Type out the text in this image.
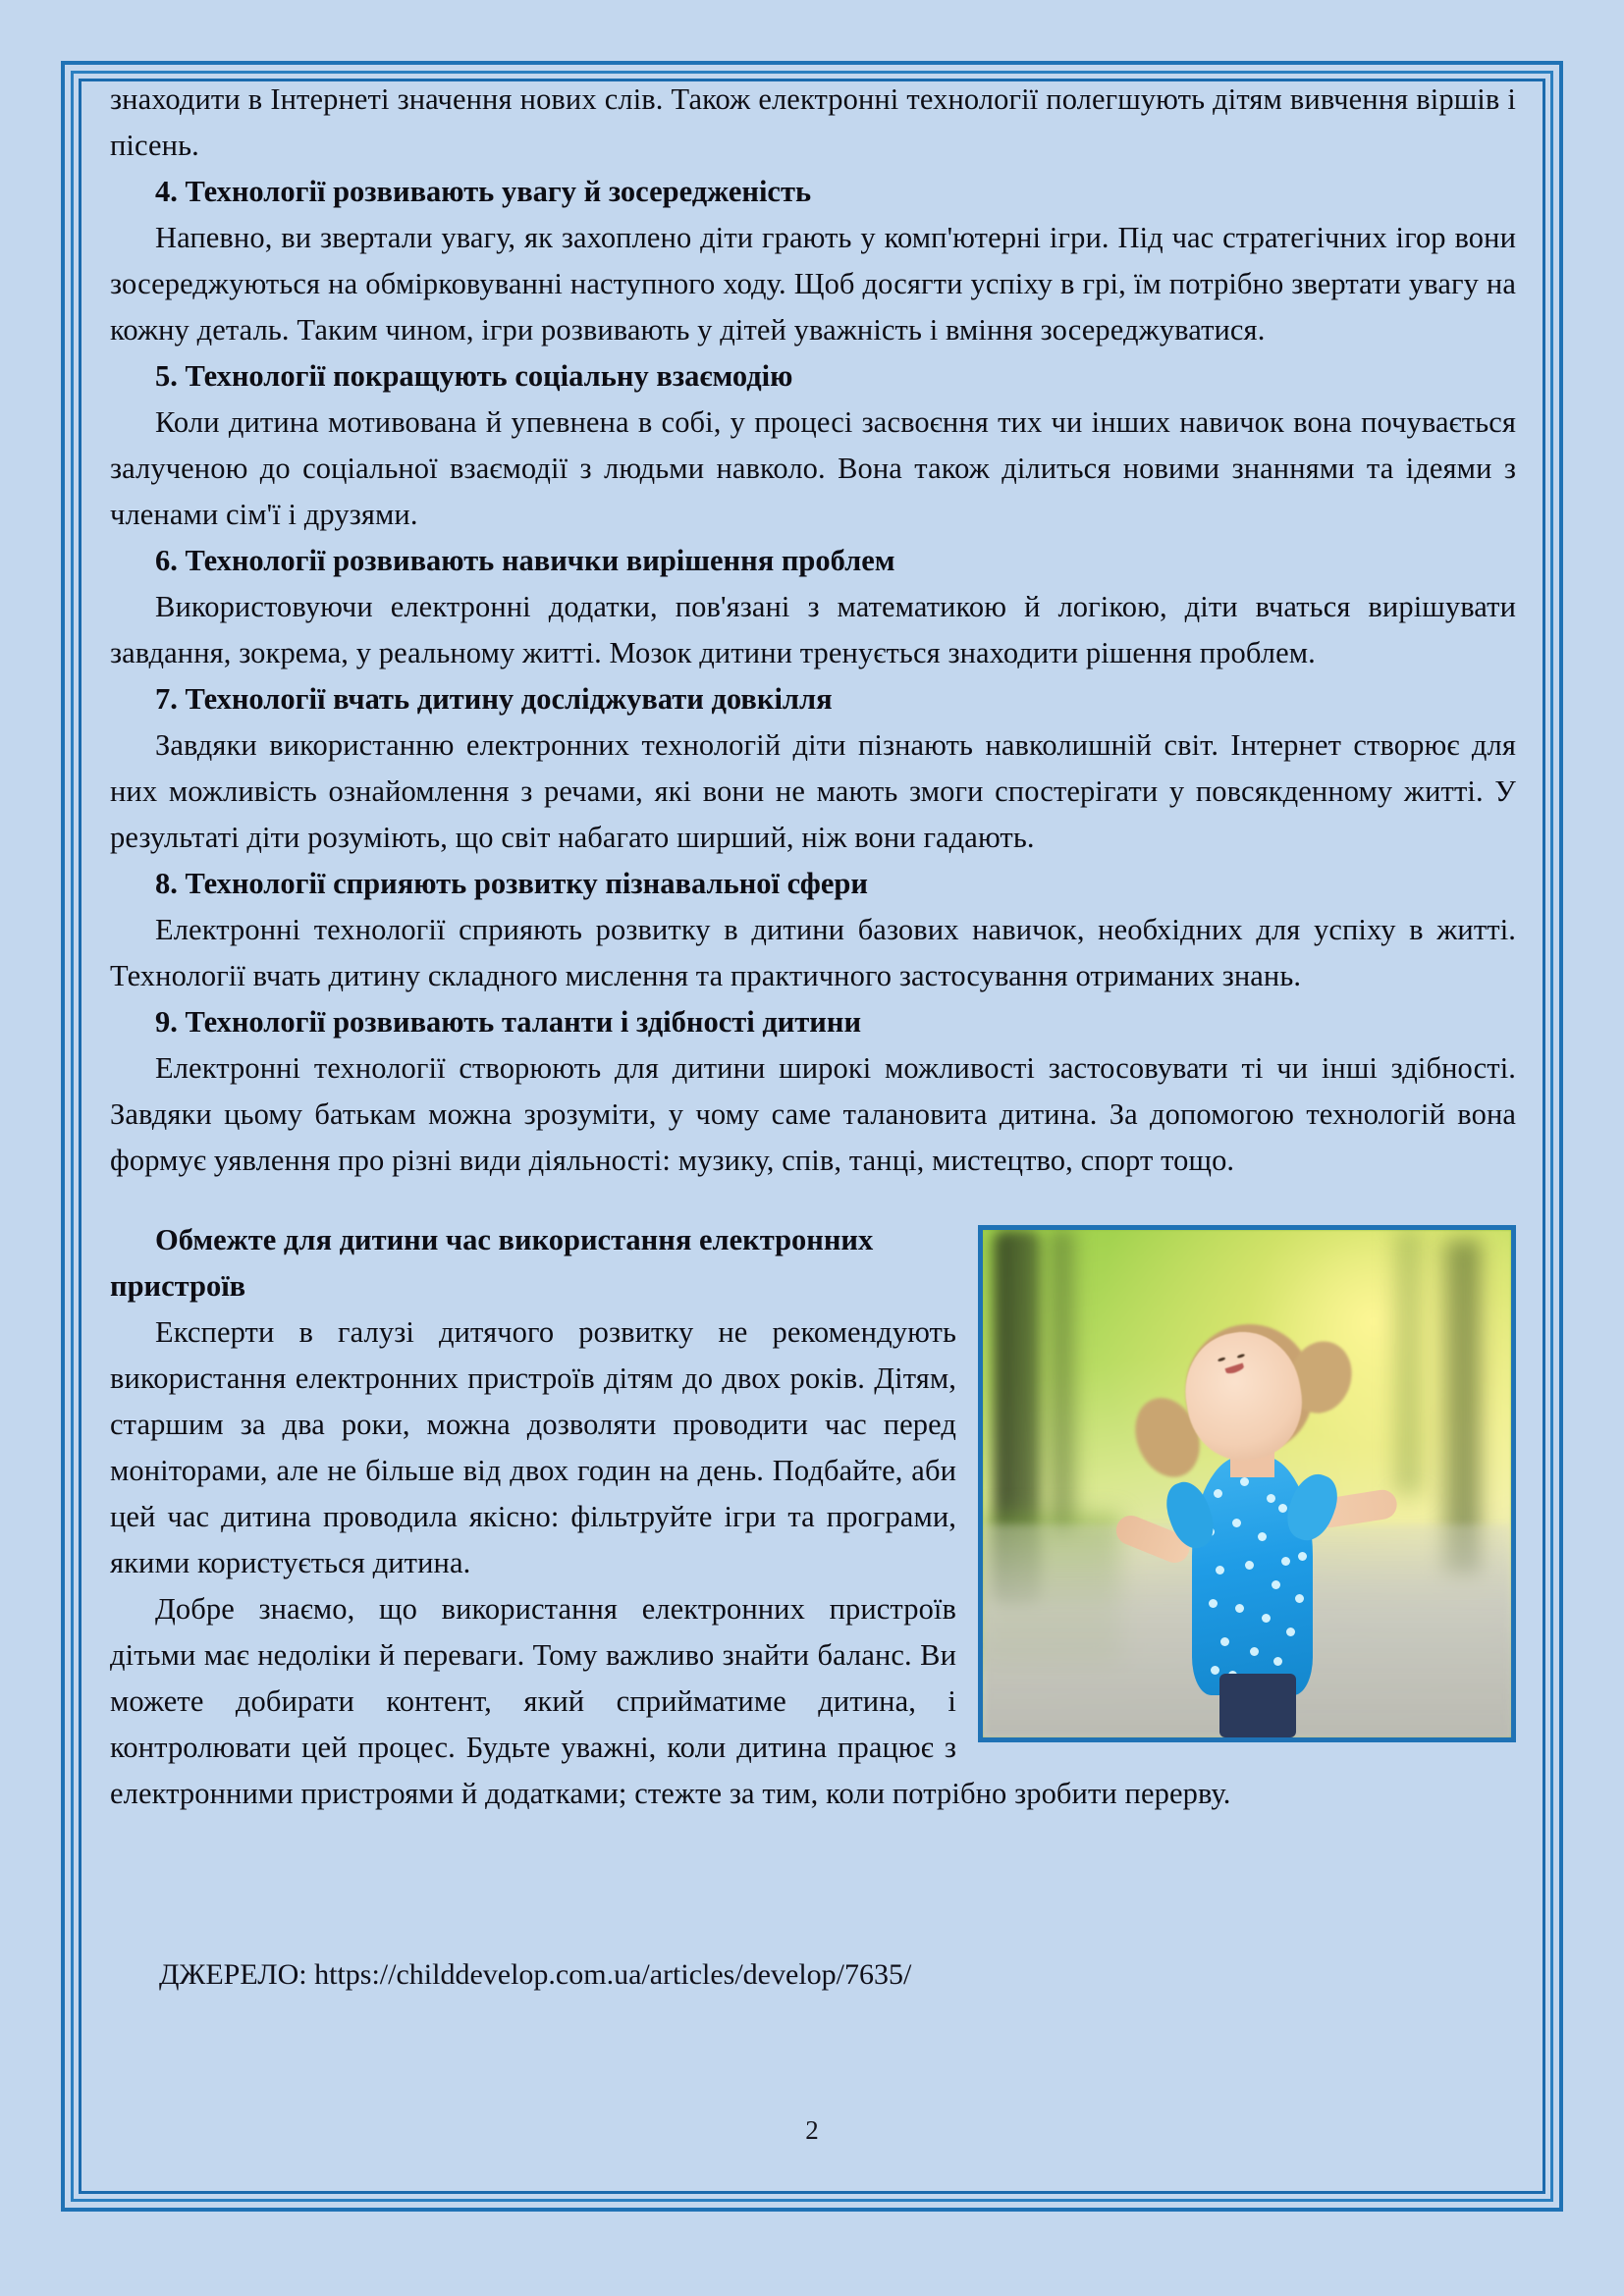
знаходити в Інтернеті значення нових слів. Також електронні технології полегшують дітям вивчення віршів і пісень.

4. Технології розвивають увагу й зосередженість

Напевно, ви звертали увагу, як захоплено діти грають у комп'ютерні ігри. Під час стратегічних ігор вони зосереджуються на обмірковуванні наступного ходу. Щоб досягти успіху в грі, їм потрібно звертати увагу на кожну деталь. Таким чином, ігри розвивають у дітей уважність і вміння зосереджуватися.

5. Технології покращують соціальну взаємодію

Коли дитина мотивована й упевнена в собі, у процесі засвоєння тих чи інших навичок вона почувається залученою до соціальної взаємодії з людьми навколо. Вона також ділиться новими знаннями та ідеями з членами сім'ї і друзями.

6. Технології розвивають навички вирішення проблем

Використовуючи електронні додатки, пов'язані з математикою й логікою, діти вчаться вирішувати завдання, зокрема, у реальному житті. Мозок дитини тренується знаходити рішення проблем.

7. Технології вчать дитину досліджувати довкілля

Завдяки використанню електронних технологій діти пізнають навколишній світ. Інтернет створює для них можливість ознайомлення з речами, які вони не мають змоги спостерігати у повсякденному житті. У результаті діти розуміють, що світ набагато ширший, ніж вони гадають.

8. Технології сприяють розвитку пізнавальної сфери

Електронні технології сприяють розвитку в дитини базових навичок, необхідних для успіху в житті. Технології вчать дитину складного мислення та практичного застосування отриманих знань.

9. Технології розвивають таланти і здібності дитини

Електронні технології створюють для дитини широкі можливості застосовувати ті чи інші здібності. Завдяки цьому батькам можна зрозуміти, у чому саме талановита дитина. За допомогою технологій вона формує уявлення про різні види діяльності: музику, спів, танці, мистецтво, спорт тощо.

Обмежте для дитини час використання електронних пристроїв

Експерти в галузі дитячого розвитку не рекомендують використання електронних пристроїв дітям до двох років. Дітям, старшим за два роки, можна дозволяти проводити час перед моніторами, але не більше від двох годин на день. Подбайте, аби цей час дитина проводила якісно: фільтруйте ігри та програми, якими користується дитина.

Добре знаємо, що використання електронних пристроїв дітьми має недоліки й переваги. Тому важливо знайти баланс. Ви можете добирати контент, який сприйматиме дитина, і контролювати цей процес. Будьте уважні, коли дитина працює з електронними пристроями й додатками; стежте за тим, коли потрібно зробити перерву.

ДЖЕРЕЛО: https://childdevelop.com.ua/articles/develop/7635/
2
